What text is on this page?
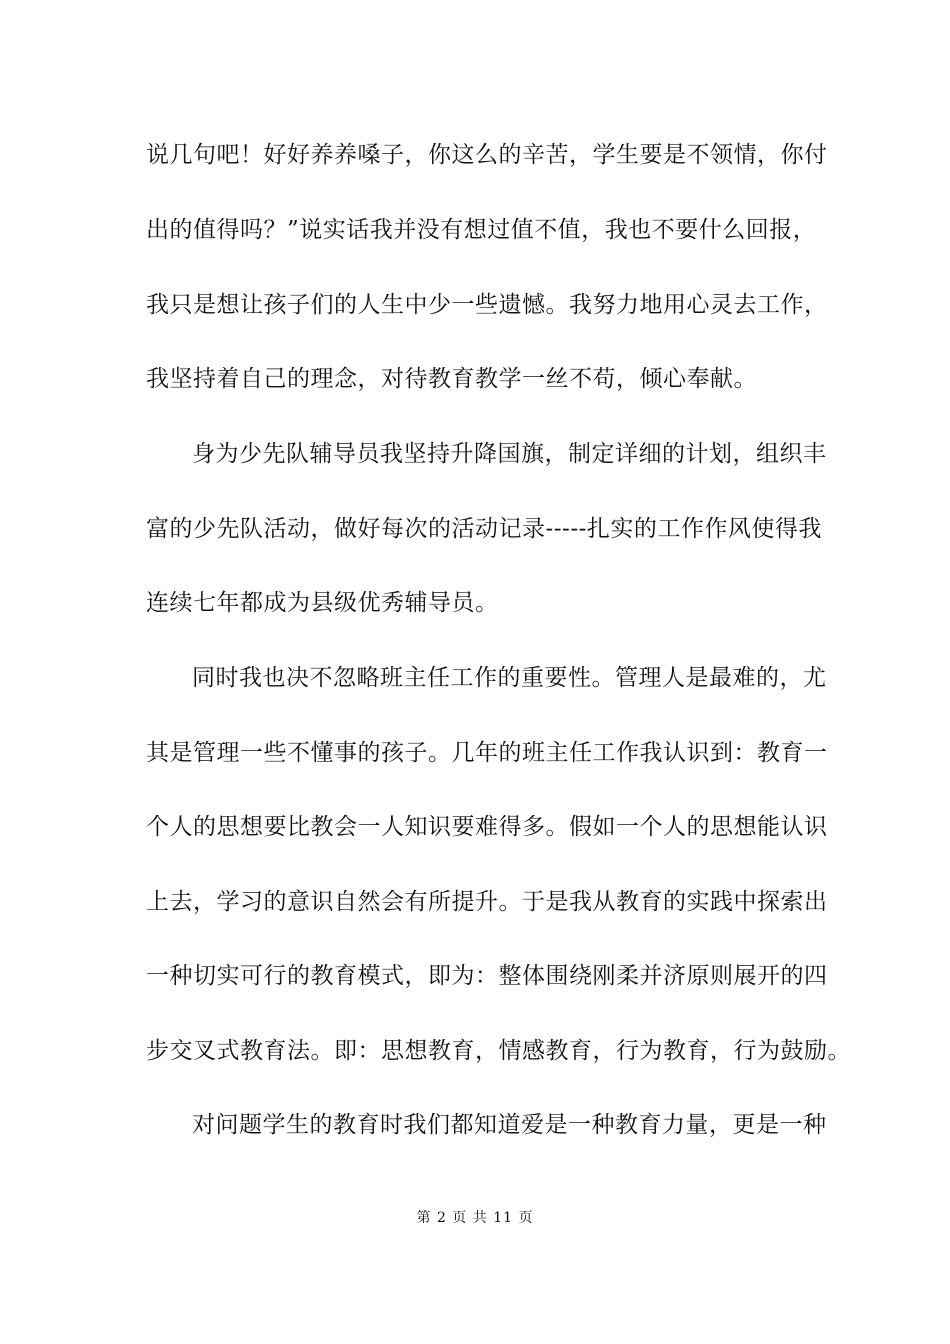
说几句吧！好好养养嗓子，你这么的辛苦，学生要是不领情，你付
出的值得吗？”说实话我并没有想过值不值，我也不要什么回报，
我只是想让孩子们的人生中少一些遗憾。我努力地用心灵去工作，
我坚持着自己的理念，对待教育教学一丝不苟，倾心奉献。
身为少先队辅导员我坚持升降国旗，制定详细的计划，组织丰
富的少先队活动，做好每次的活动记录-----扎实的工作作风使得我
连续七年都成为县级优秀辅导员。
同时我也决不忽略班主任工作的重要性。管理人是最难的，尤
其是管理一些不懂事的孩子。几年的班主任工作我认识到：教育一
个人的思想要比教会一人知识要难得多。假如一个人的思想能认识
上去，学习的意识自然会有所提升。于是我从教育的实践中探索出
一种切实可行的教育模式，即为：整体围绕刚柔并济原则展开的四
步交叉式教育法。即：思想教育，情感教育，行为教育，行为鼓励。
对问题学生的教育时我们都知道爱是一种教育力量，更是一种
第 2 页 共 11 页
